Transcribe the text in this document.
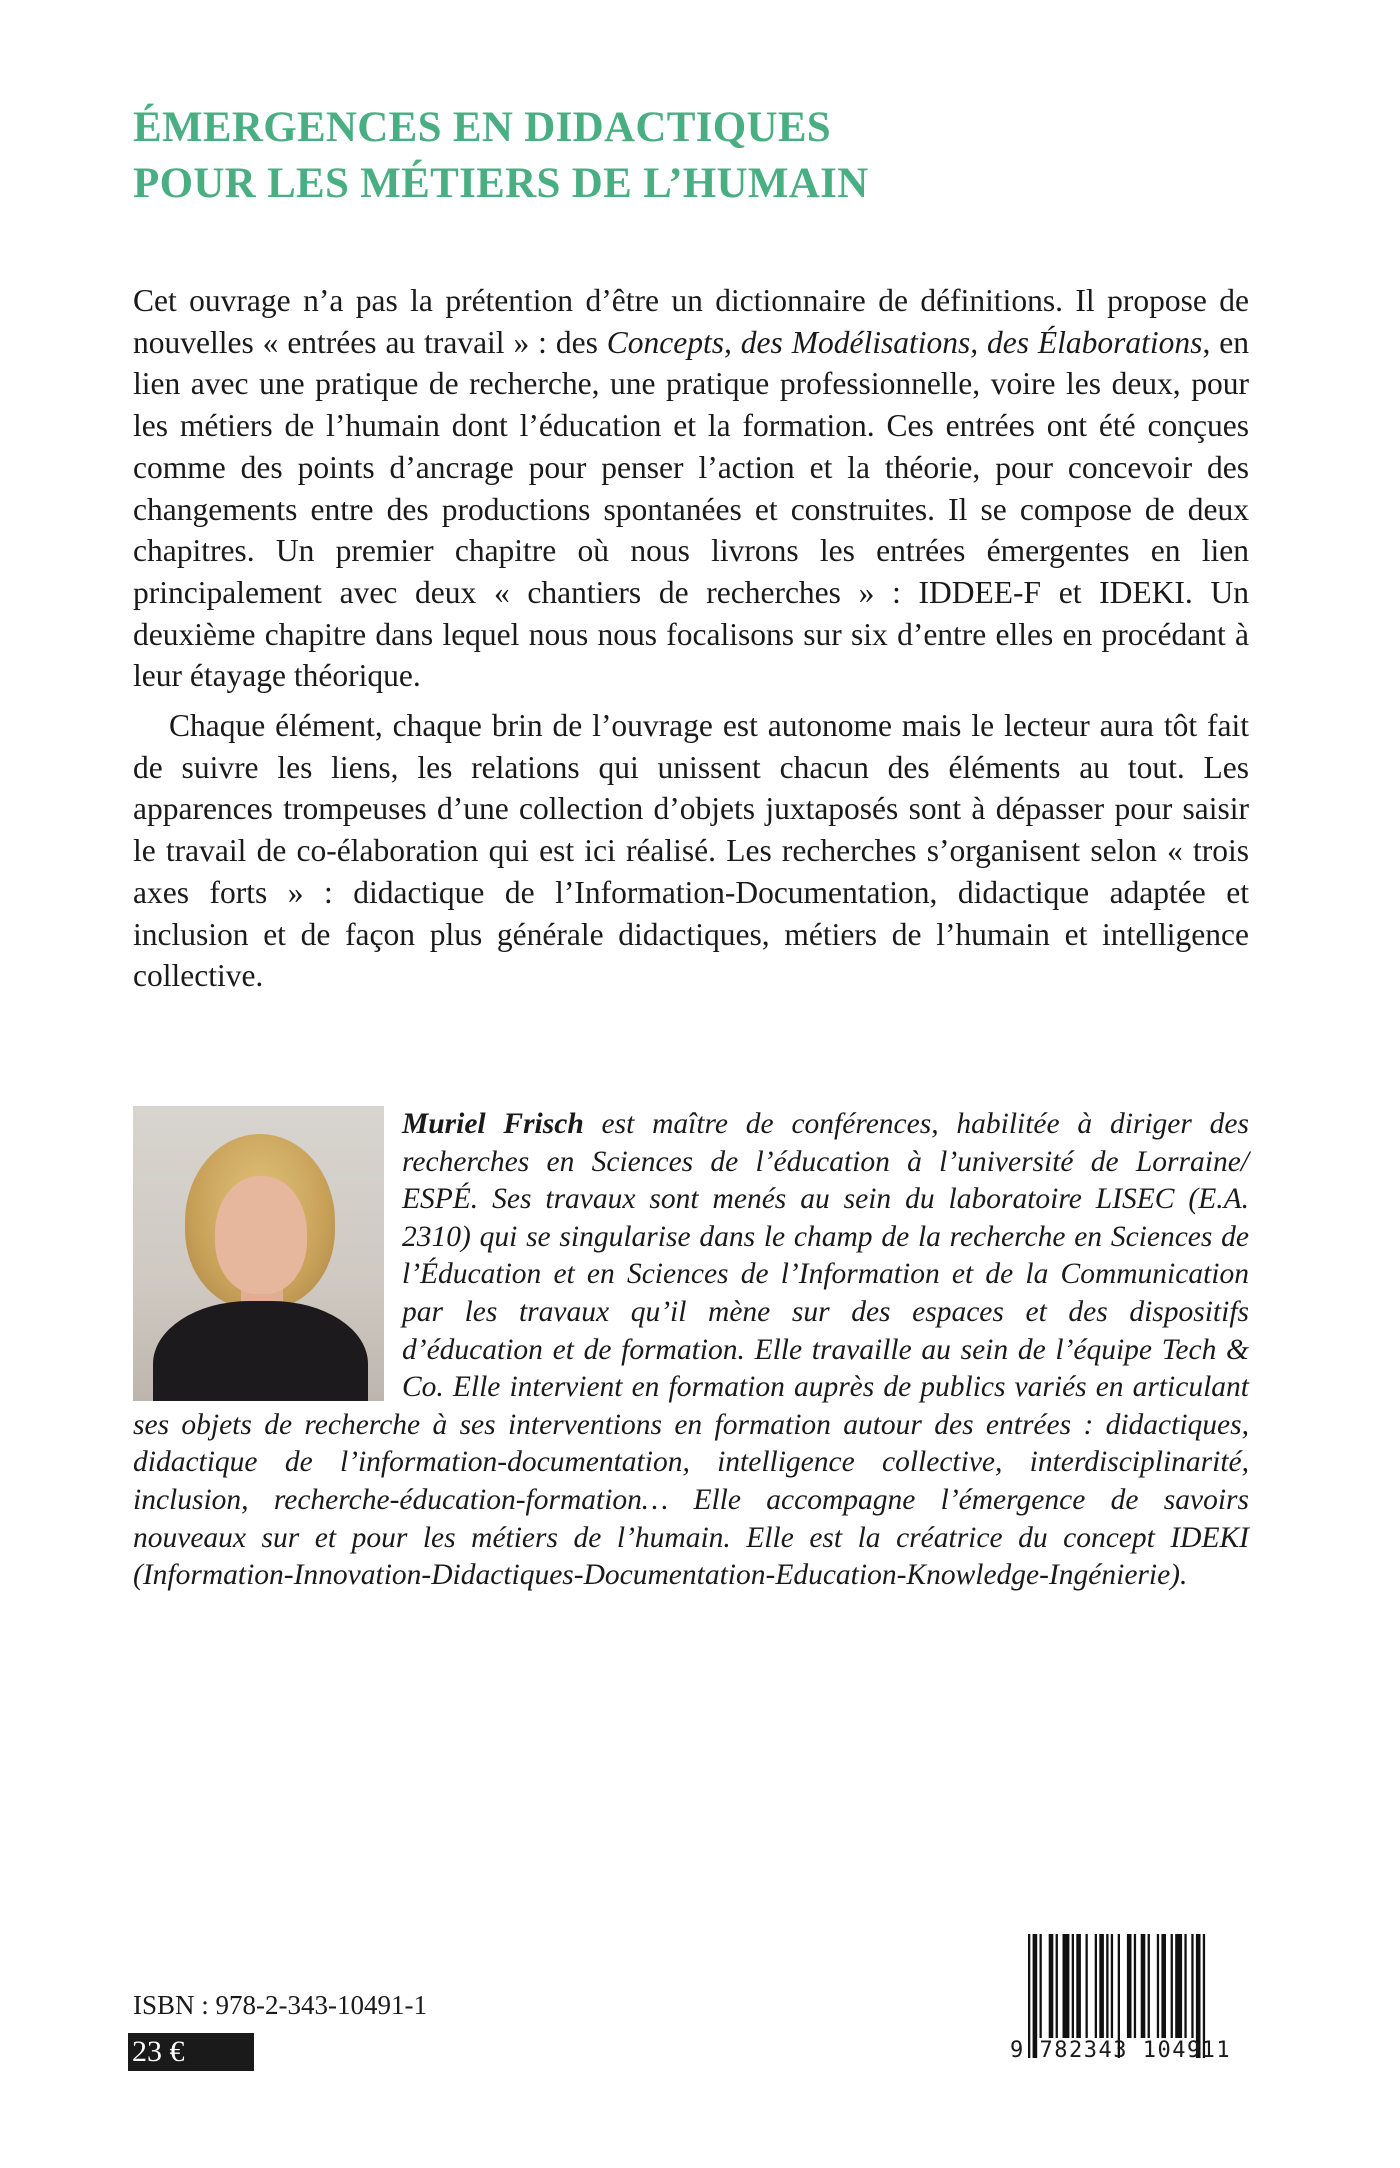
ÉMERGENCES EN DIDACTIQUES
POUR LES MÉTIERS DE L’HUMAIN

Cet ouvrage n’a pas la prétention d’être un dictionnaire de définitions. Il propose de nouvelles « entrées au travail » : des Concepts, des Modélisations, des Élaborations, en lien avec une pratique de recherche, une pratique professionnelle, voire les deux, pour les métiers de l’humain dont l’éducation et la formation. Ces entrées ont été conçues comme des points d’ancrage pour penser l’action et la théorie, pour concevoir des changements entre des productions spontanées et construites. Il se compose de deux chapitres. Un premier chapitre où nous livrons les entrées émergentes en lien principalement avec deux « chantiers de recherches » : IDDEE-F et IDEKI. Un deuxième chapitre dans lequel nous nous focalisons sur six d’entre elles en procédant à leur étayage théorique.

Chaque élément, chaque brin de l’ouvrage est autonome mais le lecteur aura tôt fait de suivre les liens, les relations qui unissent chacun des éléments au tout. Les apparences trompeuses d’une collection d’objets juxtaposés sont à dépasser pour saisir le travail de co-élaboration qui est ici réalisé. Les recherches s’organisent selon « trois axes forts » : didactique de l’Information-Documentation, didactique adaptée et inclusion et de façon plus générale didactiques, métiers de l’humain et intelligence collective.

Muriel Frisch est maître de conférences, habilitée à diriger des recherches en Sciences de l’éducation à l’université de Lorraine/ ESPÉ. Ses travaux sont menés au sein du laboratoire LISEC (E.A. 2310) qui se singularise dans le champ de la recherche en Sciences de l’Éducation et en Sciences de l’Information et de la Communication par les travaux qu’il mène sur des espaces et des dispositifs d’éducation et de formation. Elle travaille au sein de l’équipe Tech & Co. Elle intervient en formation auprès de publics variés en articulant ses objets de recherche à ses interventions en formation autour des entrées : didactiques, didactique de l’information-documentation, intelligence collective, interdisciplinarité, inclusion, recherche-éducation-formation… Elle accompagne l’émergence de savoirs nouveaux sur et pour les métiers de l’humain. Elle est la créatrice du concept IDEKI (Information-Innovation-Didactiques-Documentation-Education-Knowledge-Ingénierie).
ISBN : 978-2-343-10491-1
23 €	9 782343 104911
